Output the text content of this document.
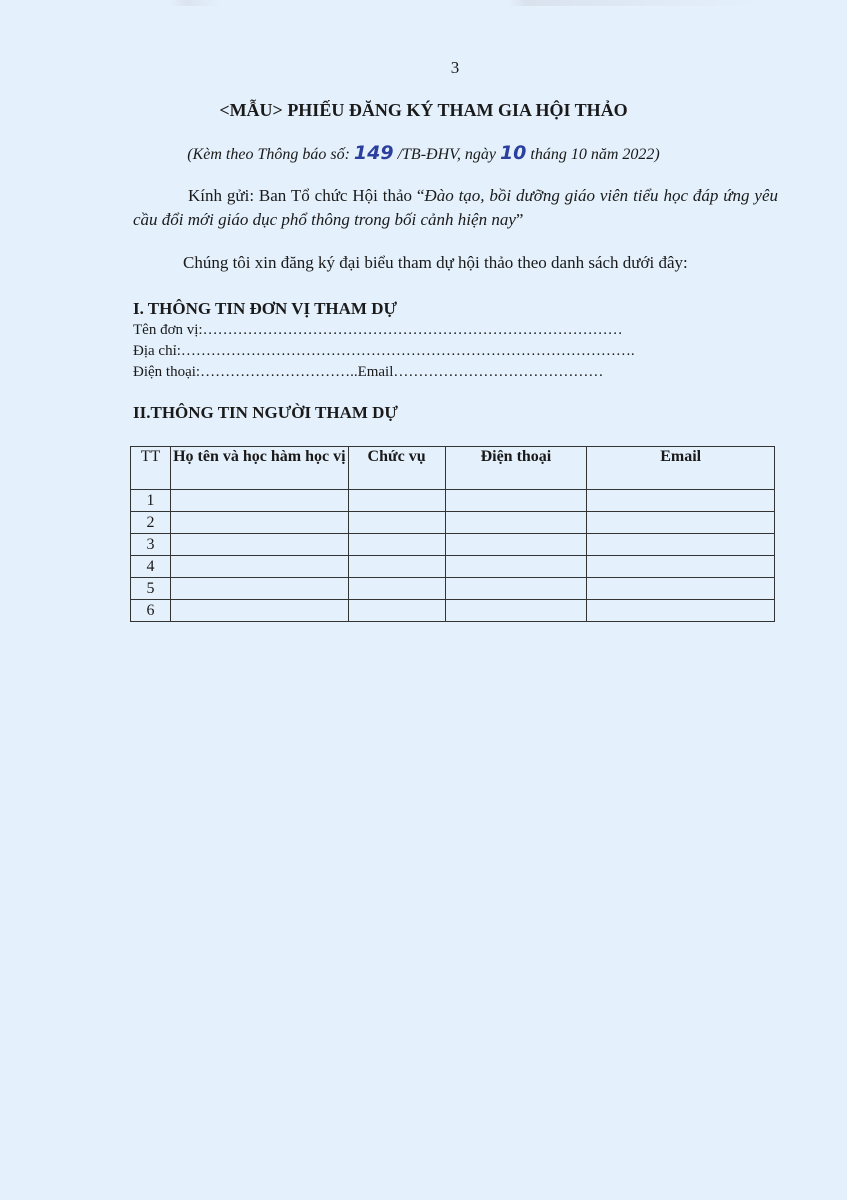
3
<MẪU> PHIẾU ĐĂNG KÝ THAM GIA HỘI THẢO
(Kèm theo Thông báo số: 149 /TB-ĐHV, ngày 10 tháng 10 năm 2022)
Kính gửi: Ban Tổ chức Hội thảo “Đào tạo, bồi dưỡng giáo viên tiểu học đáp ứng yêu cầu đổi mới giáo dục phổ thông trong bối cảnh hiện nay”
Chúng tôi xin đăng ký đại biểu tham dự hội thảo theo danh sách dưới đây:
I. THÔNG TIN ĐƠN VỊ THAM DỰ
Tên đơn vị:…………………………………………………………………………
Địa chỉ:……………………………………………………………………………….
Điện thoại:…………………………..Email……………………………………
II.THÔNG TIN NGƯỜI THAM DỰ
TT	Họ tên và học hàm học vị	Chức vụ	Điện thoại	Email
1				
2				
3				
4				
5				
6				
